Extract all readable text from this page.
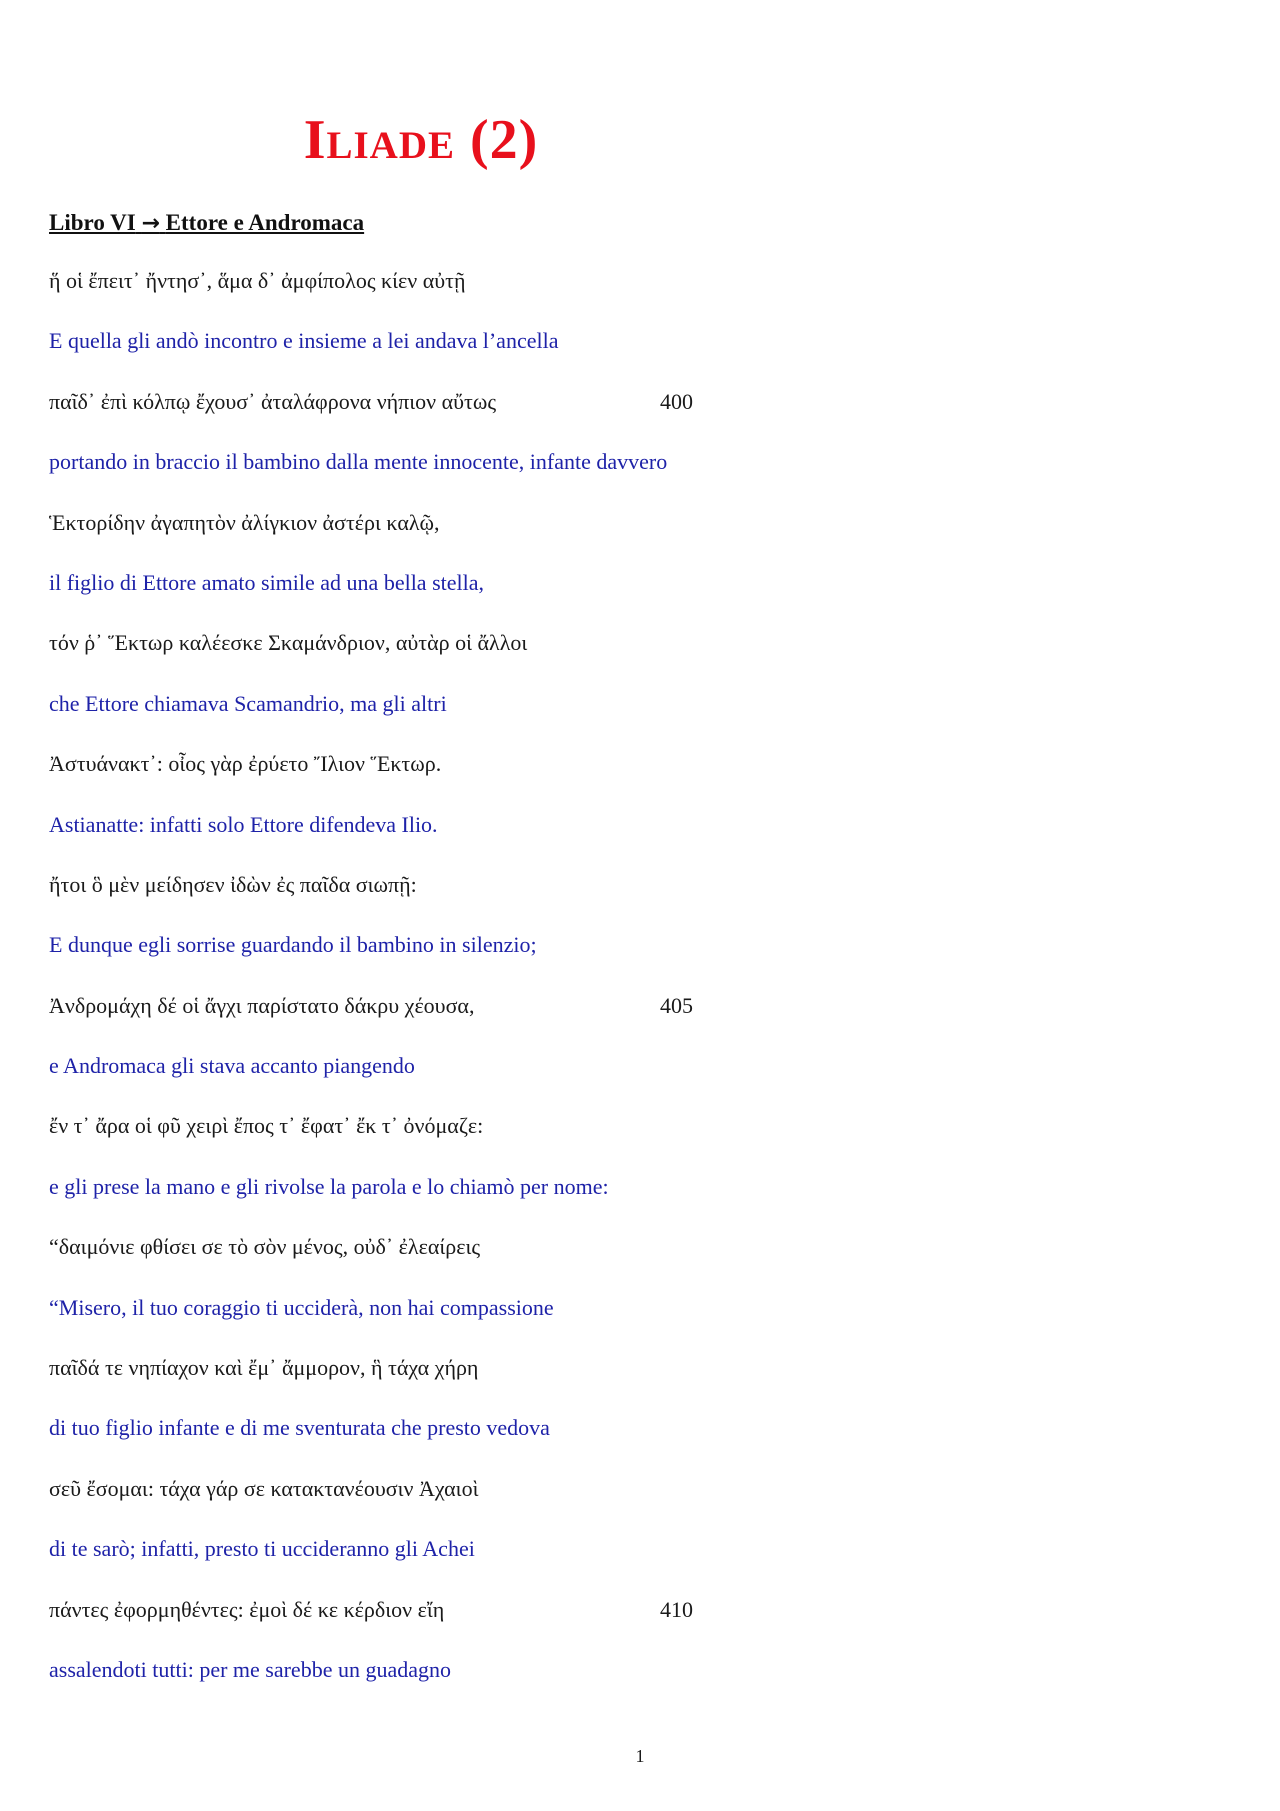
Iliade (2)
Libro VI → Ettore e Andromaca
ἥ οἱ ἔπειτ᾽ ἤντησ᾽, ἅμα δ᾽ ἀμφίπολος κίεν αὐτῇ
E quella gli andò incontro e insieme a lei andava l’ancella
παῖδ᾽ ἐπὶ κόλπῳ ἔχουσ᾽ ἀταλάφρονα νήπιον αὔτως	400
portando in braccio il bambino dalla mente innocente, infante davvero
Ἑκτορίδην ἀγαπητὸν ἀλίγκιον ἀστέρι καλῷ,
il figlio di Ettore amato simile ad una bella stella,
τόν ῥ᾽ Ἕκτωρ καλέεσκε Σκαμάνδριον, αὐτὰρ οἱ ἄλλοι
che Ettore chiamava Scamandrio, ma gli altri
Ἀστυάνακτ᾽: οἶος γὰρ ἐρύετο Ἴλιον Ἕκτωρ.
Astianatte: infatti solo Ettore difendeva Ilio.
ἤτοι ὃ μὲν μείδησεν ἰδὼν ἐς παῖδα σιωπῇ:
E dunque egli sorrise guardando il bambino in silenzio;
Ἀνδρομάχη δέ οἱ ἄγχι παρίστατο δάκρυ χέουσα,	405
e Andromaca gli stava accanto piangendo
ἔν τ᾽ ἄρα οἱ φῦ χειρὶ ἔπος τ᾽ ἔφατ᾽ ἔκ τ᾽ ὀνόμαζε:
e gli prese la mano e gli rivolse la parola e lo chiamò per nome:
“δαιμόνιε φθίσει σε τὸ σὸν μένος, οὐδ᾽ ἐλεαίρεις
“Misero, il tuo coraggio ti ucciderà, non hai compassione
παῖδά τε νηπίαχον καὶ ἔμ᾽ ἄμμορον, ἣ τάχα χήρη
di tuo figlio infante e di me sventurata che presto vedova
σεῦ ἔσομαι: τάχα γάρ σε κατακτανέουσιν Ἀχαιοὶ
di te sarò; infatti, presto ti uccideranno gli Achei
πάντες ἐφορμηθέντες: ἐμοὶ δέ κε κέρδιον εἴη	410
assalendoti tutti: per me sarebbe un guadagno
1
